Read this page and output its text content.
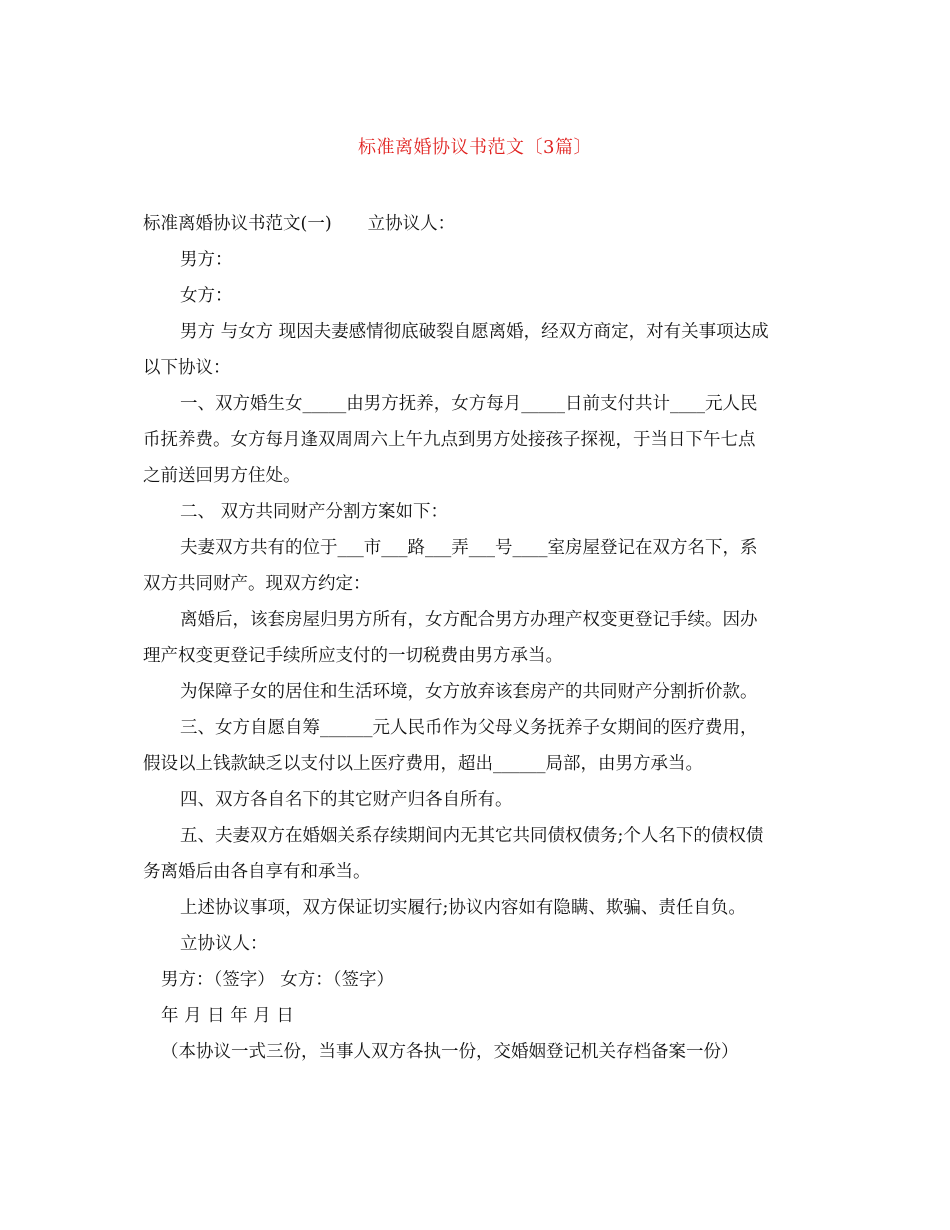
标准离婚协议书范文〔3篇〕

标准离婚协议书范文(一) 立协议人：

男方：

女方：

男方 与女方 现因夫妻感情彻底破裂自愿离婚，经双方商定，对有关事项达成
以下协议：
一、双方婚生女_____由男方抚养，女方每月_____日前支付共计____元人民
币抚养费。女方每月逢双周周六上午九点到男方处接孩子探视，于当日下午七点
之前送回男方住处。

二、 双方共同财产分割方案如下：

夫妻双方共有的位于___市___路___弄___号____室房屋登记在双方名下，系
双方共同财产。现双方约定：
离婚后，该套房屋归男方所有，女方配合男方办理产权变更登记手续。因办
理产权变更登记手续所应支付的一切税费由男方承当。

为保障子女的居住和生活环境，女方放弃该套房产的共同财产分割折价款。

三、女方自愿自筹______元人民币作为父母义务抚养子女期间的医疗费用，
假设以上钱款缺乏以支付以上医疗费用，超出______局部，由男方承当。

四、双方各自名下的其它财产归各自所有。

五、夫妻双方在婚姻关系存续期间内无其它共同债权债务;个人名下的债权债
务离婚后由各自享有和承当。

上述协议事项，双方保证切实履行;协议内容如有隐瞒、欺骗、责任自负。

立协议人：

男方：（签字） 女方：（签字）

年 月 日 年 月 日

（本协议一式三份，当事人双方各执一份，交婚姻登记机关存档备案一份）
